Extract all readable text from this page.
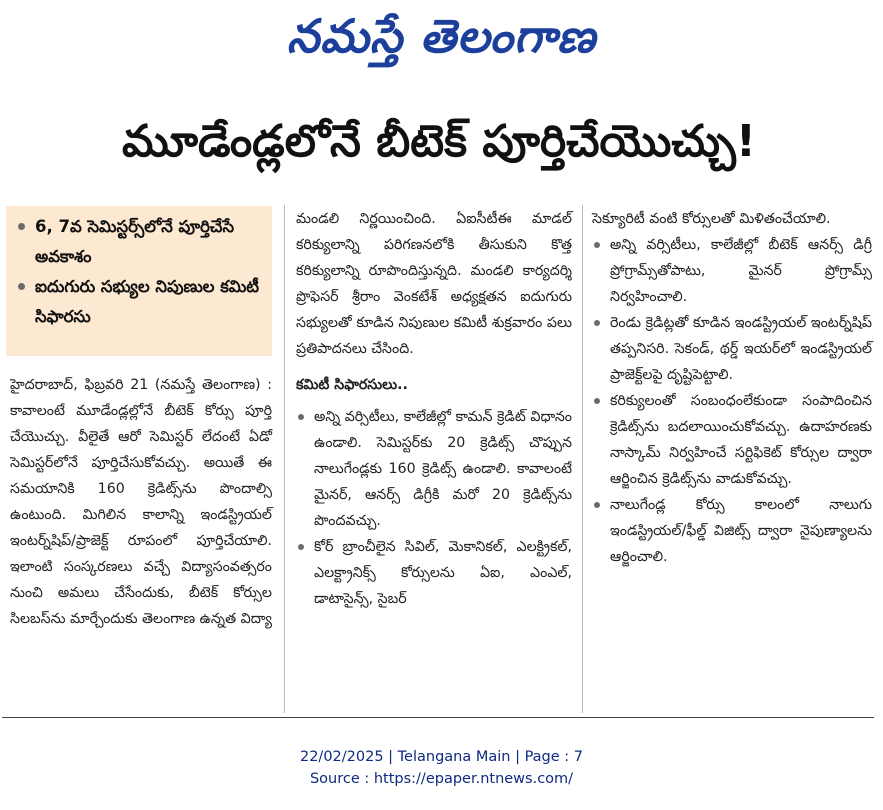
నమస్తే తెలంగాణ
మూడేండ్లలోనే బీటెక్ పూర్తిచేయొచ్చు!
6, 7వ సెమిస్టర్స్‌లోనే పూర్తిచేసే అవకాశం
ఐదుగురు సభ్యుల నిపుణుల కమిటీ సిఫారసు

హైదరాబాద్, ఫిబ్రవరి 21 (నమస్తే తెలంగాణ) : కావాలంటే మూడేండ్లల్లోనే బీటెక్ కోర్సు పూర్తి చేయొచ్చు. వీలైతే ఆరో సెమిస్టర్ లేదంటే ఏడో సెమిస్టర్‌లోనే పూర్తిచేసుకోవచ్చు. అయితే ఈ సమయానికి 160 క్రెడిట్స్‌ను పొందాల్సి ఉంటుంది. మిగిలిన కాలాన్ని ఇండస్ట్రియల్ ఇంటర్న్‌షిప్/ప్రాజెక్ట్ రూపంలో పూర్తిచేయాలి. ఇలాంటి సంస్కరణలు వచ్చే విద్యాసంవత్సరం నుంచి అమలు చేసేందుకు, బీటెక్ కోర్సుల సిలబస్‌ను మార్చేందుకు తెలంగాణ ఉన్నత విద్యా

మండలి నిర్ణయించింది. ఏఐసీటీఈ మాడల్ కరిక్యులాన్ని పరిగణనలోకి తీసుకుని కొత్త కరిక్యులాన్ని రూపొందిస్తున్నది. మండలి కార్యదర్శి ప్రొఫెసర్ శ్రీరాం వెంకటేశ్ అధ్యక్షతన ఐదుగురు సభ్యులతో కూడిన నిపుణుల కమిటీ శుక్రవారం పలు ప్రతిపాదనలు చేసింది.

కమిటీ సిఫారసులు..

అన్ని వర్సిటీలు, కాలేజీల్లో కామన్ క్రెడిట్ విధానం ఉండాలి. సెమిస్టర్‌కు 20 క్రెడిట్స్ చొప్పున నాలుగేండ్లకు 160 క్రెడిట్స్ ఉండాలి. కావాలంటే మైనర్, ఆనర్స్ డిగ్రీకి మరో 20 క్రెడిట్స్‌ను పొందవచ్చు.
కోర్ బ్రాంచీలైన సివిల్, మెకానికల్, ఎలక్ట్రికల్, ఎలక్ట్రానిక్స్ కోర్సులను ఏఐ, ఎంఎల్, డాటాసైన్స్, సైబర్

సెక్యూరిటీ వంటి కోర్సులతో మిళితంచేయాలి.

అన్ని వర్సిటీలు, కాలేజీల్లో బీటెక్ ఆనర్స్ డిగ్రీ ప్రోగ్రామ్స్‌తోపాటు, మైనర్ ప్రోగ్రామ్స్ నిర్వహించాలి.
రెండు క్రెడిట్లతో కూడిన ఇండస్ట్రియల్ ఇంటర్న్‌షిప్ తప్పనిసరి. సెకండ్, థర్డ్ ఇయర్‌లో ఇండస్ట్రియల్ ప్రాజెక్ట్‌లపై దృష్టిపెట్టాలి.
కరిక్యులంతో సంబంధంలేకుండా సంపాదించిన క్రెడిట్స్‌ను బదలాయించుకోవచ్చు. ఉదాహరణకు నాస్కామ్ నిర్వహించే సర్టిఫికెట్ కోర్సుల ద్వారా ఆర్జించిన క్రెడిట్స్‌ను వాడుకోవచ్చు.
నాలుగేండ్ల కోర్సు కాలంలో నాలుగు ఇండస్ట్రియల్/ఫీల్డ్ విజిట్స్ ద్వారా నైపుణ్యాలను ఆర్జించాలి.
22/02/2025 | Telangana Main | Page : 7
Source : https://epaper.ntnews.com/
